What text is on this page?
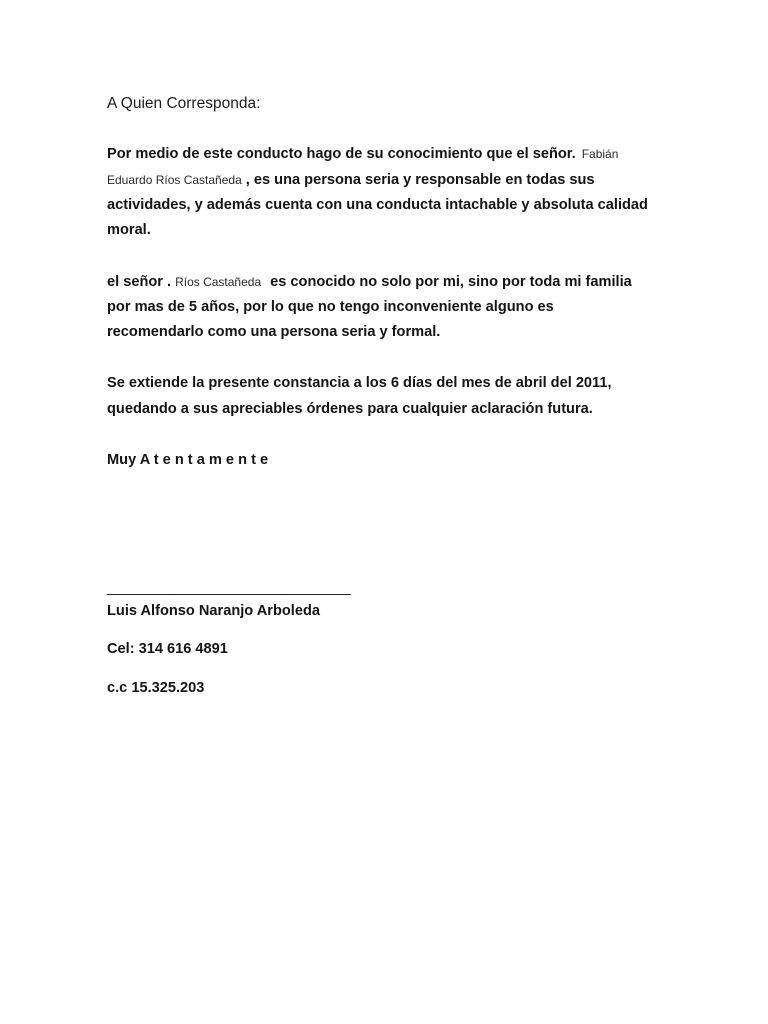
A Quien Corresponda:
Por medio de este conducto hago de su conocimiento que el señor. Fabián
Eduardo Ríos Castañeda , es una persona seria y responsable en todas sus
actividades, y además cuenta con una conducta intachable y absoluta calidad
moral.
el señor . Ríos Castañeda es conocido no solo por mi, sino por toda mi familia
por mas de 5 años, por lo que no tengo inconveniente alguno es
recomendarlo como una persona seria y formal.
Se extiende la presente constancia a los 6 días del mes de abril del 2011,
quedando a sus apreciables órdenes para cualquier aclaración futura.
Muy A t e n t a m e n t e
______________________________
Luis Alfonso Naranjo Arboleda
Cel: 314 616 4891
c.c 15.325.203
